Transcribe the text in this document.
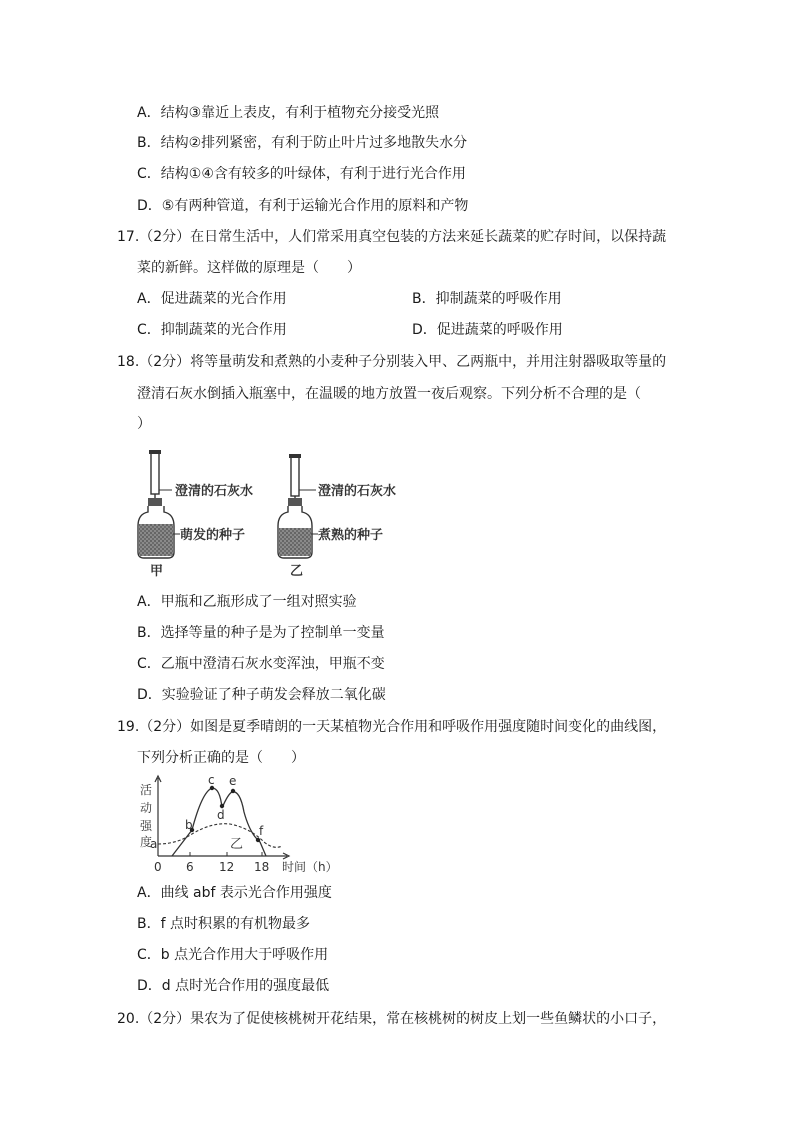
A．结构③靠近上表皮，有利于植物充分接受光照
B．结构②排列紧密，有利于防止叶片过多地散失水分
C．结构①④含有较多的叶绿体，有利于进行光合作用
D．⑤有两种管道，有利于运输光合作用的原料和产物
17.（2分）在日常生活中，人们常采用真空包装的方法来延长蔬菜的贮存时间，以保持蔬
菜的新鲜。这样做的原理是（　　）
A．促进蔬菜的光合作用	B．抑制蔬菜的呼吸作用
C．抑制蔬菜的光合作用	D．促进蔬菜的呼吸作用
18.（2分）将等量萌发和煮熟的小麦种子分别装入甲、乙两瓶中，并用注射器吸取等量的
澄清石灰水倒插入瓶塞中，在温暖的地方放置一夜后观察。下列分析不合理的是（
）
澄清的石灰水
萌发的种子
甲
澄清的石灰水
煮熟的种子
乙
A．甲瓶和乙瓶形成了一组对照实验
B．选择等量的种子是为了控制单一变量
C．乙瓶中澄清石灰水变浑浊，甲瓶不变
D．实验验证了种子萌发会释放二氧化碳
19.（2分）如图是夏季晴朗的一天某植物光合作用和呼吸作用强度随时间变化的曲线图，
下列分析正确的是（　　）
活
动
强
度
0 6 12 18 时间（h）
a
b
c
d
e
f
乙
A．曲线 abf 表示光合作用强度
B．f 点时积累的有机物最多
C．b 点光合作用大于呼吸作用
D．d 点时光合作用的强度最低
20.（2分）果农为了促使核桃树开花结果，常在核桃树的树皮上划一些鱼鳞状的小口子，
